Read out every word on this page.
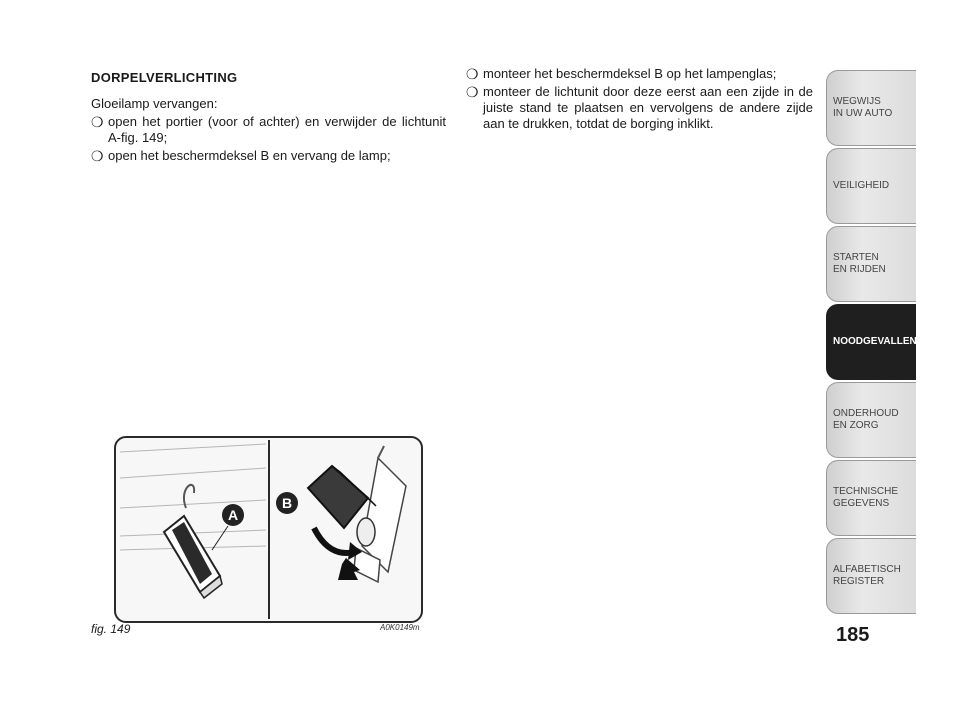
DORPELVERLICHTING
Gloeilamp vervangen:
❍ open het portier (voor of achter) en verwijder de lichtunit A-fig. 149;
❍ open het beschermdeksel B en vervang de lamp;
❍ monteer het beschermdeksel B op het lampenglas;
❍ monteer de lichtunit door deze eerst aan een zijde in de juiste stand te plaatsen en vervolgens de andere zijde aan te drukken, totdat de borging inklikt.
A
B
fig. 149	A0K0149m
WEGWIJS
IN UW AUTO
VEILIGHEID
STARTEN
EN RIJDEN
NOODGEVALLEN
ONDERHOUD
EN ZORG
TECHNISCHE
GEGEVENS
ALFABETISCH
REGISTER
185
